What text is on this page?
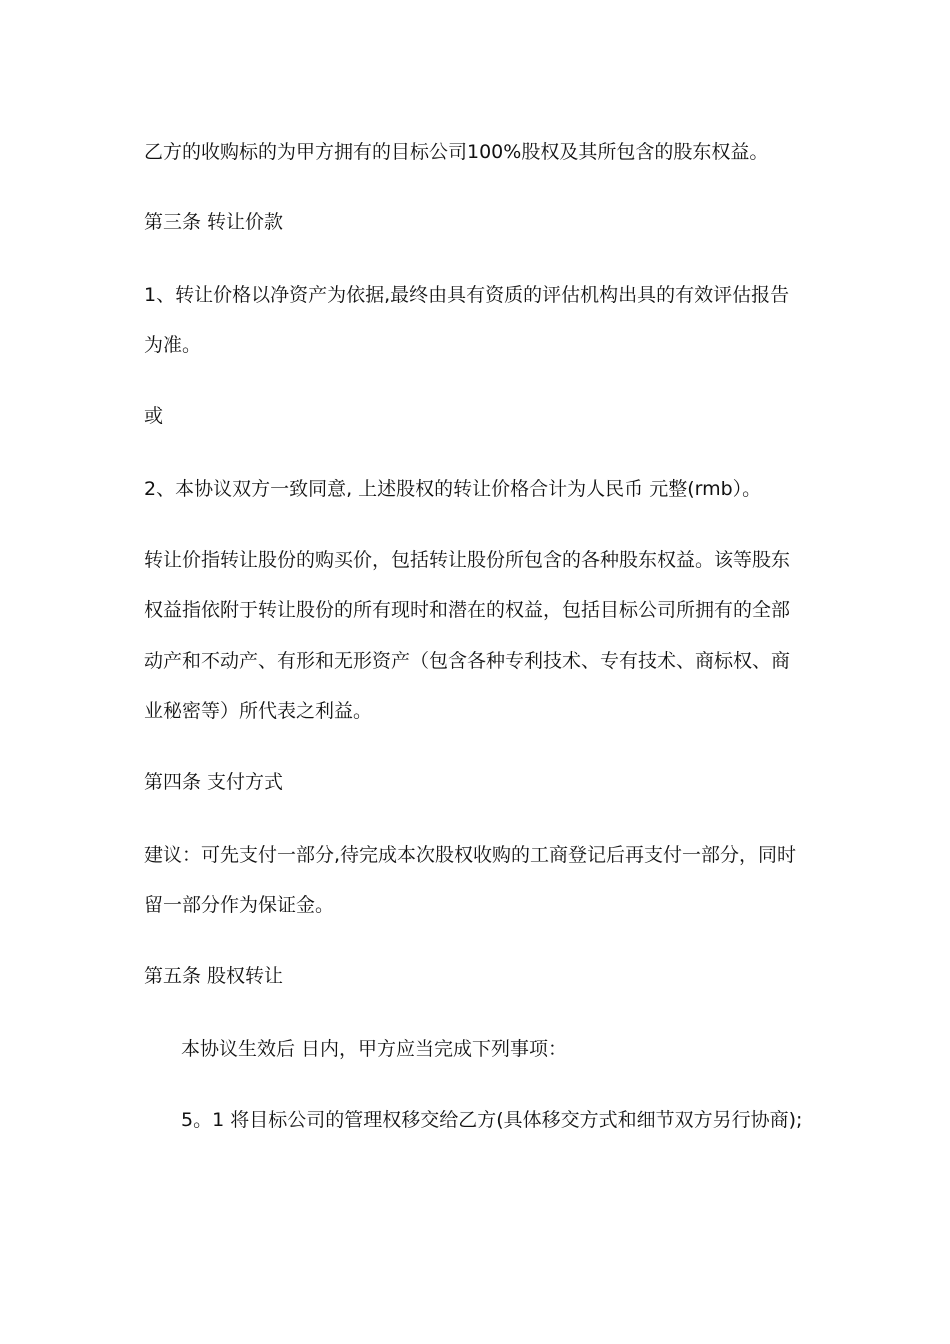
乙方的收购标的为甲方拥有的目标公司100%股权及其所包含的股东权益。

第三条 转让价款

1、转让价格以净资产为依据,最终由具有资质的评估机构出具的有效评估报告

为准。

或

2、本协议双方一致同意, 上述股权的转让价格合计为人民币 元整(rmb）。

转让价指转让股份的购买价，包括转让股份所包含的各种股东权益。该等股东

权益指依附于转让股份的所有现时和潜在的权益，包括目标公司所拥有的全部

动产和不动产、有形和无形资产（包含各种专利技术、专有技术、商标权、商

业秘密等）所代表之利益。

第四条 支付方式

建议：可先支付一部分,待完成本次股权收购的工商登记后再支付一部分，同时

留一部分作为保证金。

第五条 股权转让

本协议生效后 日内，甲方应当完成下列事项：

5。1 将目标公司的管理权移交给乙方(具体移交方式和细节双方另行协商);
